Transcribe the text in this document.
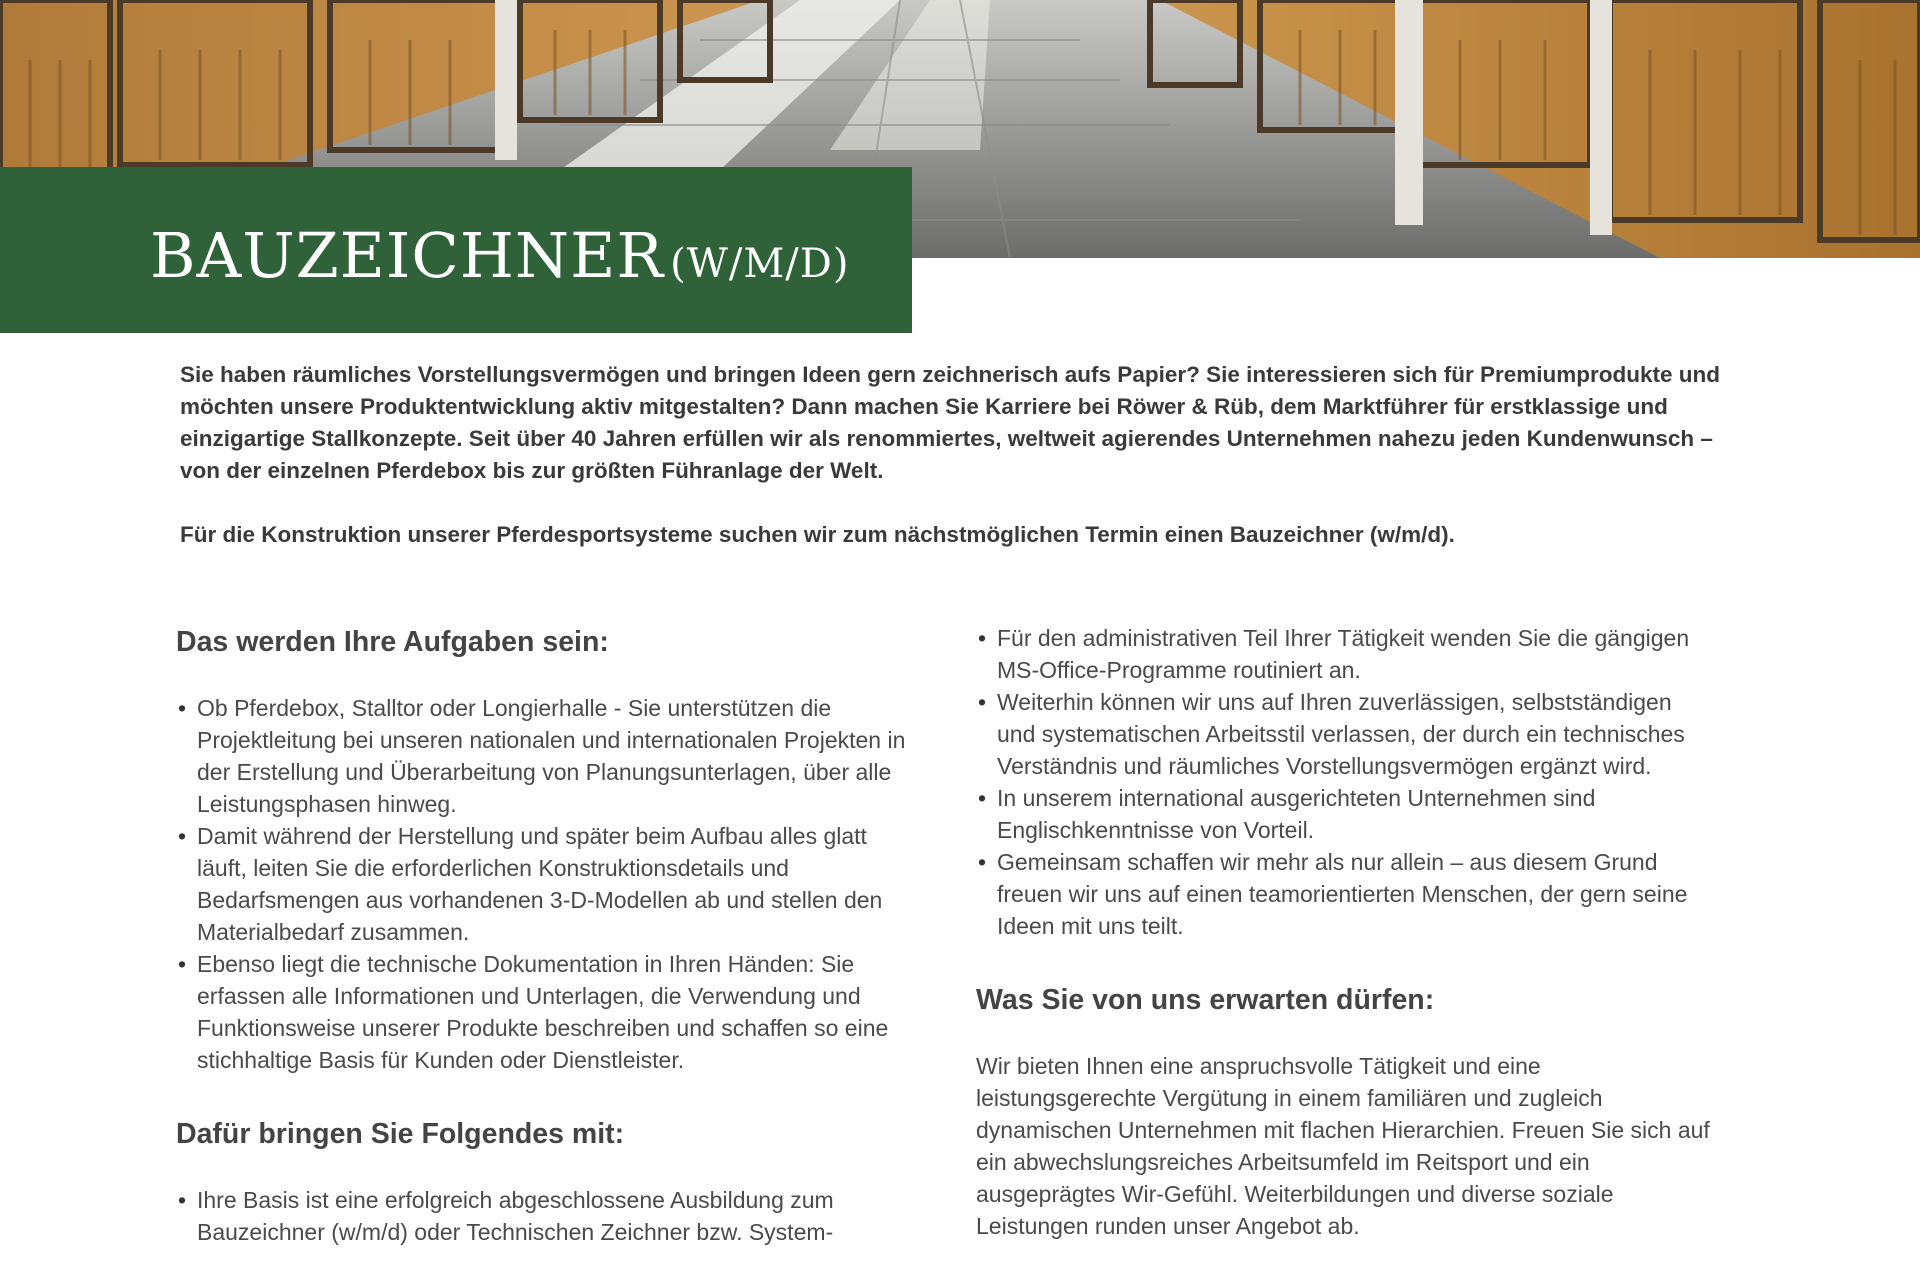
BAUZEICHNER (W/M/D)

Sie haben räumliches Vorstellungsvermögen und bringen Ideen gern zeichnerisch aufs Papier? Sie interessieren sich für Premiumprodukte und möchten unsere Produktentwicklung aktiv mitgestalten? Dann machen Sie Karriere bei Röwer & Rüb, dem Marktführer für erstklassige und einzigartige Stallkonzepte. Seit über 40 Jahren erfüllen wir als renommiertes, weltweit agierendes Unternehmen nahezu jeden Kundenwunsch – von der einzelnen Pferdebox bis zur größten Führanlage der Welt.

Für die Konstruktion unserer Pferdesportsysteme suchen wir zum nächstmöglichen Termin einen Bauzeichner (w/m/d).

Das werden Ihre Aufgaben sein:
• Ob Pferdebox, Stalltor oder Longierhalle - Sie unterstützen die Projektleitung bei unseren nationalen und internationalen Projekten in der Erstellung und Überarbeitung von Planungsunterlagen, über alle Leistungsphasen hinweg.
• Damit während der Herstellung und später beim Aufbau alles glatt läuft, leiten Sie die erforderlichen Konstruktionsdetails und Bedarfsmengen aus vorhandenen 3-D-Modellen ab und stellen den Materialbedarf zusammen.
• Ebenso liegt die technische Dokumentation in Ihren Händen: Sie erfassen alle Informationen und Unterlagen, die Verwendung und Funktionsweise unserer Produkte beschreiben und schaffen so eine stichhaltige Basis für Kunden oder Dienstleister.
Dafür bringen Sie Folgendes mit:
• Ihre Basis ist eine erfolgreich abgeschlossene Ausbildung zum Bauzeichner (w/m/d) oder Technischen Zeichner bzw. System-
• Für den administrativen Teil Ihrer Tätigkeit wenden Sie die gängigen MS-Office-Programme routiniert an.
• Weiterhin können wir uns auf Ihren zuverlässigen, selbstständigen und systematischen Arbeitsstil verlassen, der durch ein technisches Verständnis und räumliches Vorstellungsvermögen ergänzt wird.
• In unserem international ausgerichteten Unternehmen sind Englischkenntnisse von Vorteil.
• Gemeinsam schaffen wir mehr als nur allein – aus diesem Grund freuen wir uns auf einen teamorientierten Menschen, der gern seine Ideen mit uns teilt.
Was Sie von uns erwarten dürfen:

Wir bieten Ihnen eine anspruchsvolle Tätigkeit und eine leistungsgerechte Vergütung in einem familiären und zugleich dynamischen Unternehmen mit flachen Hierarchien. Freuen Sie sich auf ein abwechslungsreiches Arbeitsumfeld im Reitsport und ein ausgeprägtes Wir-Gefühl. Weiterbildungen und diverse soziale Leistungen runden unser Angebot ab.
